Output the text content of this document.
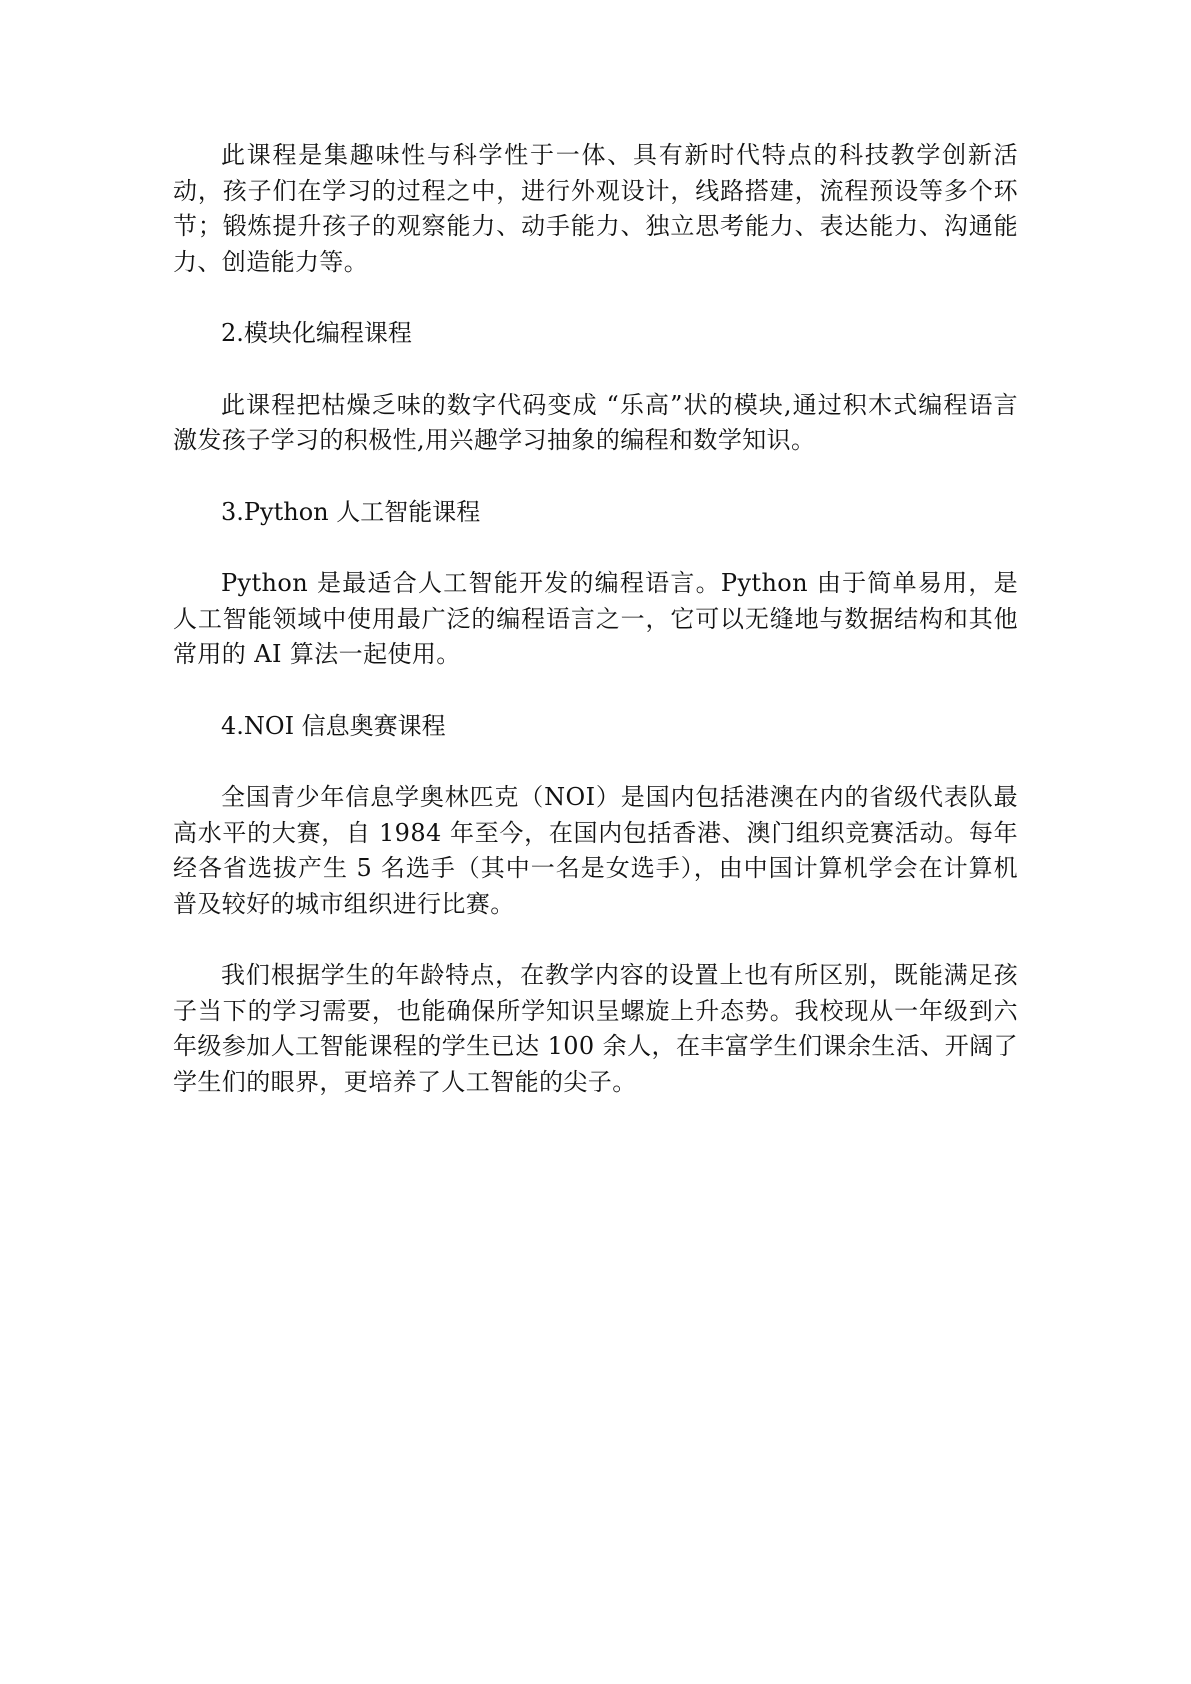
此课程是集趣味性与科学性于一体、具有新时代特点的科技教学创新活动，孩子们在学习的过程之中，进行外观设计，线路搭建，流程预设等多个环节；锻炼提升孩子的观察能力、动手能力、独立思考能力、表达能力、沟通能力、创造能力等。

2.模块化编程课程

此课程把枯燥乏味的数字代码变成 “乐高”状的模块,通过积木式编程语言激发孩子学习的积极性,用兴趣学习抽象的编程和数学知识。

3.Python 人工智能课程

Python 是最适合人工智能开发的编程语言。Python 由于简单易用，是人工智能领域中使用最广泛的编程语言之一，它可以无缝地与数据结构和其他常用的 AI 算法一起使用。

4.NOI 信息奥赛课程

全国青少年信息学奥林匹克（NOI）是国内包括港澳在内的省级代表队最高水平的大赛，自 1984 年至今，在国内包括香港、澳门组织竞赛活动。每年经各省选拔产生 5 名选手（其中一名是女选手），由中国计算机学会在计算机普及较好的城市组织进行比赛。

我们根据学生的年龄特点，在教学内容的设置上也有所区别，既能满足孩子当下的学习需要，也能确保所学知识呈螺旋上升态势。我校现从一年级到六年级参加人工智能课程的学生已达 100 余人，在丰富学生们课余生活、开阔了学生们的眼界，更培养了人工智能的尖子。
